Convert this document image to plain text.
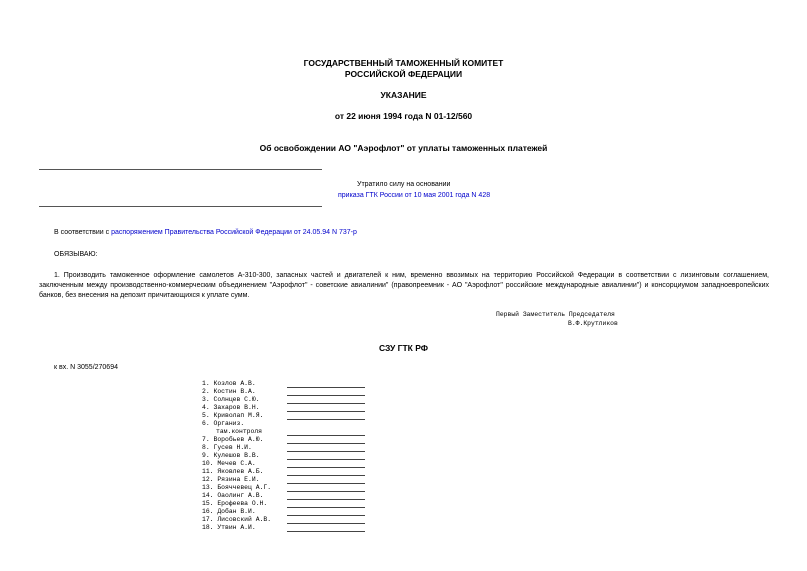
ГОСУДАРСТВЕННЫЙ ТАМОЖЕННЫЙ КОМИТЕТ
РОССИЙСКОЙ ФЕДЕРАЦИИ
УКАЗАНИЕ
от 22 июня 1994 года N 01-12/560
Об освобождении АО "Аэрофлот" от уплаты таможенных платежей
Утратило силу на основании
приказа ГТК России от 10 мая 2001 года N 428
В соответствии с распоряжением Правительства Российской Федерации от 24.05.94 N 737-р
ОБЯЗЫВАЮ:
1. Производить таможенное оформление самолетов А-310-300, запасных частей и двигателей к ним, временно ввозимых на территорию Российской Федерации в соответствии с лизинговым соглашением, заключенным между производственно-коммерческим объединением "Аэрофлот" - советские авиалинии" (правопреемник - АО "Аэрофлот" российские международные авиалинии") и консорциумом западноевропейских банков, без внесения на депозит причитающихся к уплате сумм.
Первый Заместитель Председателя
В.Ф.Крутликов
СЗУ ГТК РФ
к вх. N 3055/270694
1. Козлов А.В.
2. Костин В.А.
3. Солнцев С.Ю.
4. Захаров В.Н.
5. Криволап М.Я.
6. Организ.
там.контроля
7. Воробьев А.Ю.
8. Гусев Н.И.
9. Кулешов В.В.
10. Мечев С.А.
11. Яковлев А.Б.
12. Рязина Е.И.
13. Бояччевец А.Г.
14. Оаолинг А.В.
15. Ерофеева О.Н.
16. Добан В.И.
17. Лисовский А.В.
18. Утвин А.И.
